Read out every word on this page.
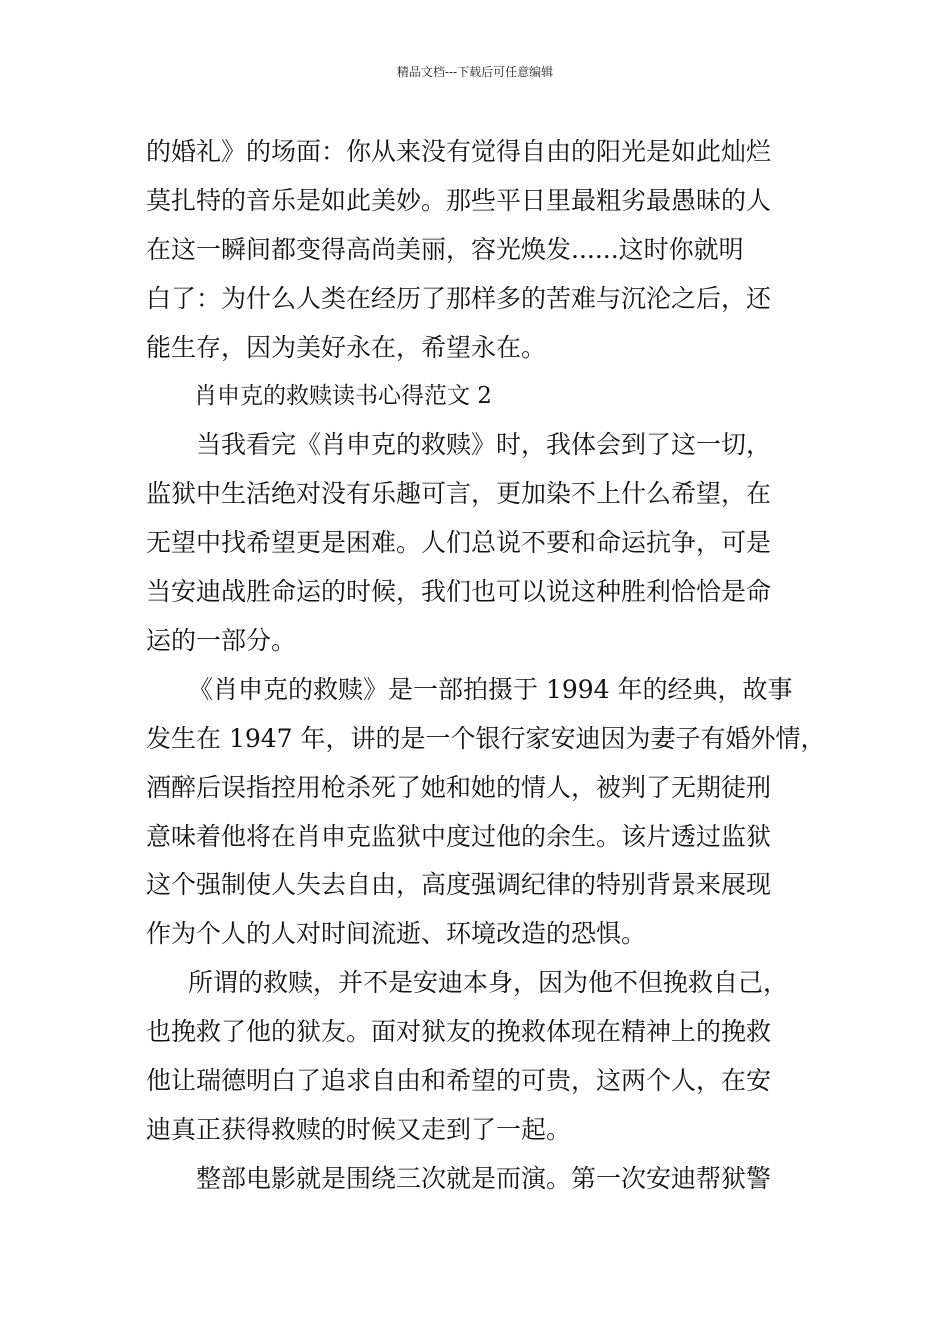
精品文档---下载后可任意编辑
的婚礼》的场面：你从来没有觉得自由的阳光是如此灿烂
莫扎特的音乐是如此美妙。那些平日里最粗劣最愚昧的人
在这一瞬间都变得高尚美丽，容光焕发......这时你就明
白了：为什么人类在经历了那样多的苦难与沉沦之后，还
能生存，因为美好永在，希望永在。
肖申克的救赎读书心得范文 2
当我看完《肖申克的救赎》时，我体会到了这一切，
监狱中生活绝对没有乐趣可言，更加染不上什么希望，在
无望中找希望更是困难。人们总说不要和命运抗争，可是
当安迪战胜命运的时候，我们也可以说这种胜利恰恰是命
运的一部分。
《肖申克的救赎》是一部拍摄于 1994 年的经典，故事
发生在 1947 年，讲的是一个银行家安迪因为妻子有婚外情，
酒醉后误指控用枪杀死了她和她的情人，被判了无期徒刑
意味着他将在肖申克监狱中度过他的余生。该片透过监狱
这个强制使人失去自由，高度强调纪律的特别背景来展现
作为个人的人对时间流逝、环境改造的恐惧。
所谓的救赎，并不是安迪本身，因为他不但挽救自己，
也挽救了他的狱友。面对狱友的挽救体现在精神上的挽救
他让瑞德明白了追求自由和希望的可贵，这两个人，在安
迪真正获得救赎的时候又走到了一起。
整部电影就是围绕三次就是而演。第一次安迪帮狱警
